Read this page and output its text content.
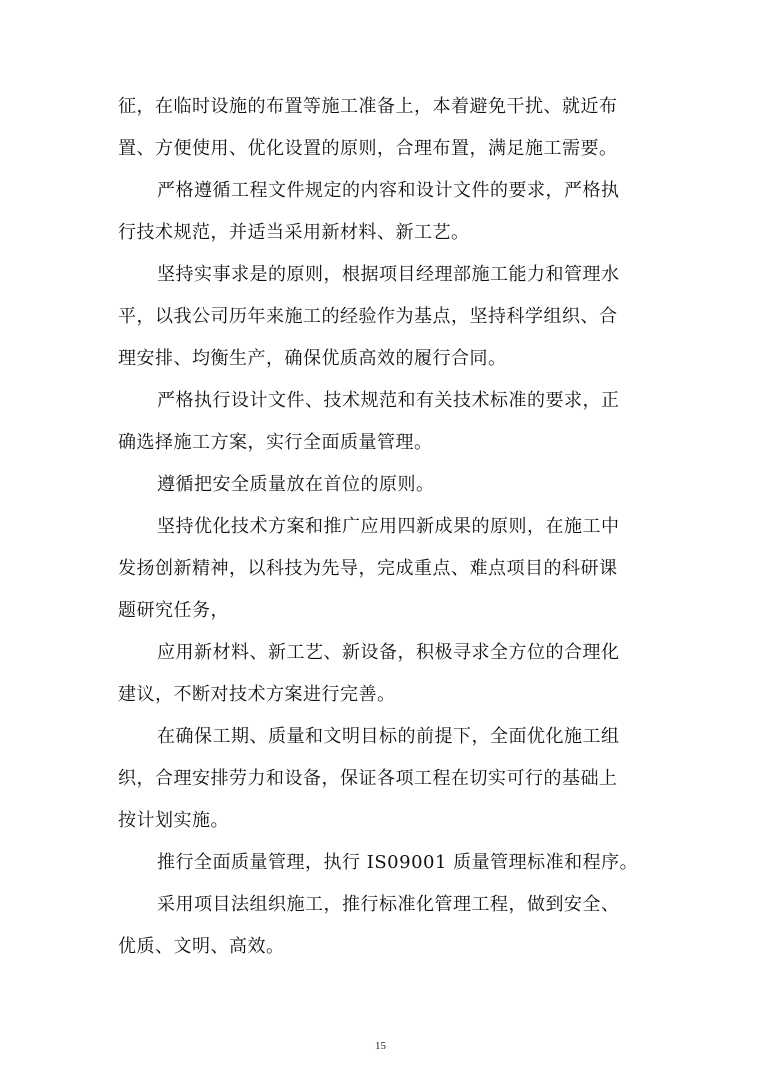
征，在临时设施的布置等施工准备上，本着避免干扰、就近布
置、方便使用、优化设置的原则，合理布置，满足施工需要。
严格遵循工程文件规定的内容和设计文件的要求，严格执
行技术规范，并适当采用新材料、新工艺。
坚持实事求是的原则，根据项目经理部施工能力和管理水
平，以我公司历年来施工的经验作为基点，坚持科学组织、合
理安排、均衡生产，确保优质高效的履行合同。
严格执行设计文件、技术规范和有关技术标准的要求，正
确选择施工方案，实行全面质量管理。
遵循把安全质量放在首位的原则。
坚持优化技术方案和推广应用四新成果的原则，在施工中
发扬创新精神，以科技为先导，完成重点、难点项目的科研课
题研究任务，
应用新材料、新工艺、新设备，积极寻求全方位的合理化
建议，不断对技术方案进行完善。
在确保工期、质量和文明目标的前提下，全面优化施工组
织，合理安排劳力和设备，保证各项工程在切实可行的基础上
按计划实施。
推行全面质量管理，执行 IS09001 质量管理标准和程序。
采用项目法组织施工，推行标准化管理工程，做到安全、
优质、文明、高效。
15
